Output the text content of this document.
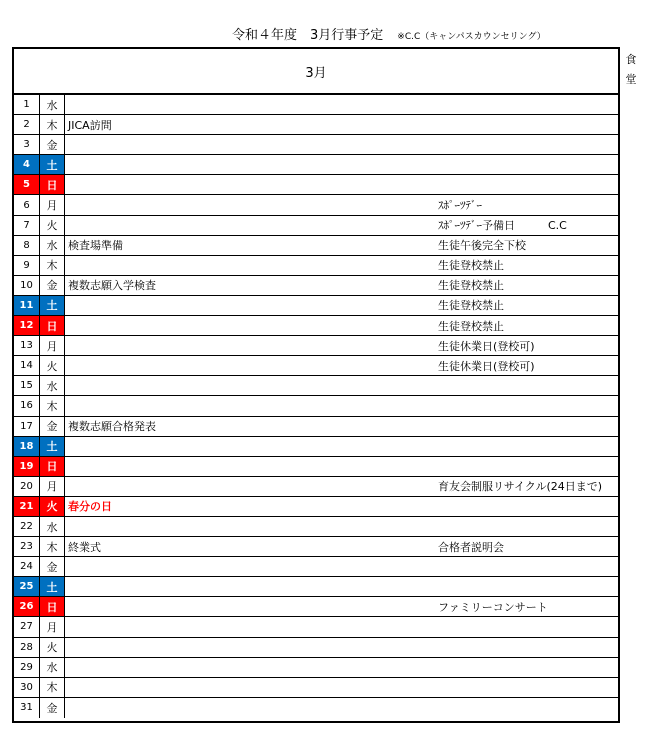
令和４年度　3月行事予定 ※C.C（キャンパスカウンセリング）
食
堂
3月
1	水
2	木 JICA訪問
3	金
4	土
5	日
6	月	ｽﾎﾟｰﾂﾃﾞｰ
7	火	ｽﾎﾟｰﾂﾃﾞｰ予備日　　　C.C
8	水 検査場準備	生徒午後完全下校
9	木	生徒登校禁止
10	金 複数志願入学検査	生徒登校禁止
11	土	生徒登校禁止
12	日	生徒登校禁止
13	月	生徒休業日(登校可)
14	火	生徒休業日(登校可)
15	水
16	木
17	金 複数志願合格発表
18	土
19	日
20	月	育友会制服リサイクル(24日まで)
21	火 春分の日
22	水
23	木 終業式	合格者説明会
24	金
25	土
26	日	ファミリーコンサート
27	月
28	火
29	水
30	木
31	金
